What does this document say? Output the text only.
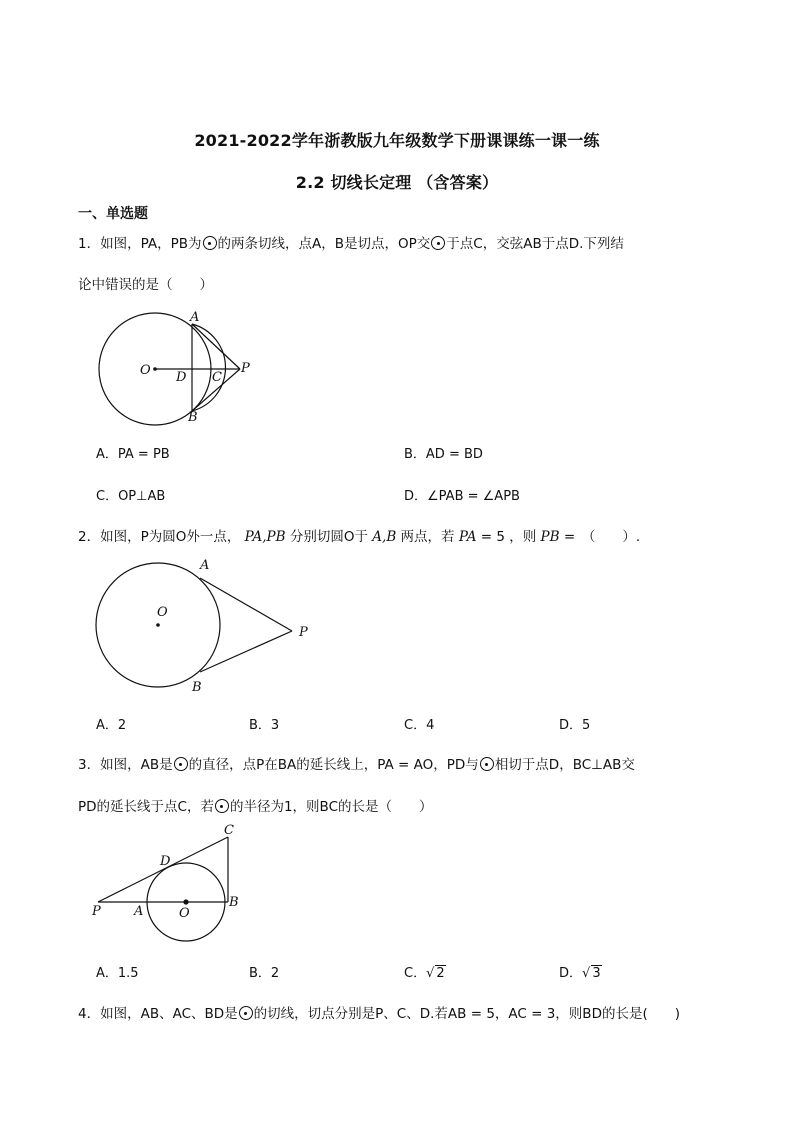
2021-2022学年浙教版九年级数学下册课课练一课一练
2.2 切线长定理 （含答案）
一、单选题
1．如图，PA，PB为 的两条切线，点A，B是切点，OP交 于点C，交弦AB于点D.下列结
论中错误的是（　　）
A
B
O D C
P
A．PA = PB	B．AD = BD
C．OP⊥AB	D．∠PAB = ∠APB
2．如图，P为圆O外一点， PA,PB 分别切圆O于 A,B 两点，若 PA = 5 ，则 PB =　（　　）.
A
O
P
B
A．2	B．3	C．4	D．5
3．如图，AB是 的直径，点P在BA的延长线上，PA = AO，PD与 相切于点D，BC⊥AB交
PD的延长线于点C，若 的半径为1，则BC的长是（　　）
C
D
P	A	O
B
A．1.5	B．2	C．√ 2	D．√ 3
4．如图，AB、AC、BD是 的切线，切点分别是P、C、D.若AB = 5，AC = 3，则BD的长是(　　)
